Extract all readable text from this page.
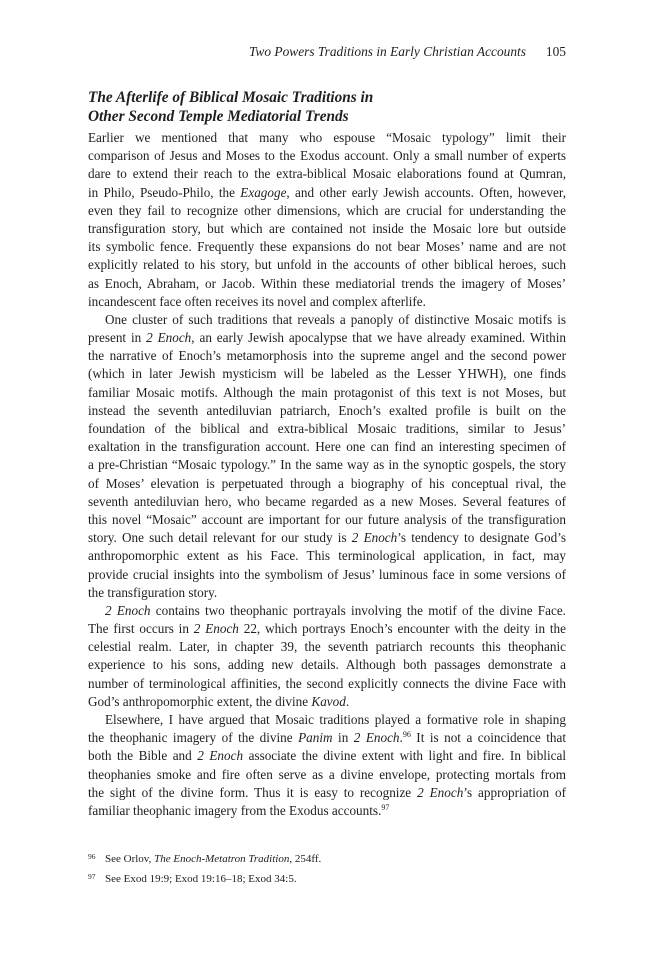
Two Powers Traditions in Early Christian Accounts 105
The Afterlife of Biblical Mosaic Traditions in
Other Second Temple Mediatorial Trends
Earlier we mentioned that many who espouse “Mosaic typology” limit their
comparison of Jesus and Moses to the Exodus account. Only a small number of experts
dare to extend their reach to the extra-biblical Mosaic elaborations found at Qumran,
in Philo, Pseudo-Philo, the Exagoge, and other early Jewish accounts. Often, however,
even they fail to recognize other dimensions, which are crucial for understanding the
transfiguration story, but which are contained not inside the Mosaic lore but outside
its symbolic fence. Frequently these expansions do not bear Moses’ name and are not
explicitly related to his story, but unfold in the accounts of other biblical heroes, such
as Enoch, Abraham, or Jacob. Within these mediatorial trends the imagery of Moses’
incandescent face often receives its novel and complex afterlife.
One cluster of such traditions that reveals a panoply of distinctive Mosaic motifs is
present in 2 Enoch, an early Jewish apocalypse that we have already examined. Within
the narrative of Enoch’s metamorphosis into the supreme angel and the second power
(which in later Jewish mysticism will be labeled as the Lesser YHWH), one finds
familiar Mosaic motifs. Although the main protagonist of this text is not Moses, but
instead the seventh antediluvian patriarch, Enoch’s exalted profile is built on the
foundation of the biblical and extra-biblical Mosaic traditions, similar to Jesus’
exaltation in the transfiguration account. Here one can find an interesting specimen of
a pre-Christian “Mosaic typology.” In the same way as in the synoptic gospels, the story
of Moses’ elevation is perpetuated through a biography of his conceptual rival, the
seventh antediluvian hero, who became regarded as a new Moses. Several features of
this novel “Mosaic” account are important for our future analysis of the transfiguration
story. One such detail relevant for our study is 2 Enoch’s tendency to designate God’s
anthropomorphic extent as his Face. This terminological application, in fact, may
provide crucial insights into the symbolism of Jesus’ luminous face in some versions of
the transfiguration story.
2 Enoch contains two theophanic portrayals involving the motif of the divine Face.
The first occurs in 2 Enoch 22, which portrays Enoch’s encounter with the deity in the
celestial realm. Later, in chapter 39, the seventh patriarch recounts this theophanic
experience to his sons, adding new details. Although both passages demonstrate a
number of terminological affinities, the second explicitly connects the divine Face with
God’s anthropomorphic extent, the divine Kavod.
Elsewhere, I have argued that Mosaic traditions played a formative role in shaping
the theophanic imagery of the divine Panim in 2 Enoch.$^{96}$ It is not a coincidence that
both the Bible and 2 Enoch associate the divine extent with light and fire. In biblical
theophanies smoke and fire often serve as a divine envelope, protecting mortals from
the sight of the divine form. Thus it is easy to recognize 2 Enoch’s appropriation of
familiar theophanic imagery from the Exodus accounts.$^{97}$
96 See Orlov, The Enoch-Metatron Tradition, 254ff.
97 See Exod 19:9; Exod 19:16–18; Exod 34:5.
